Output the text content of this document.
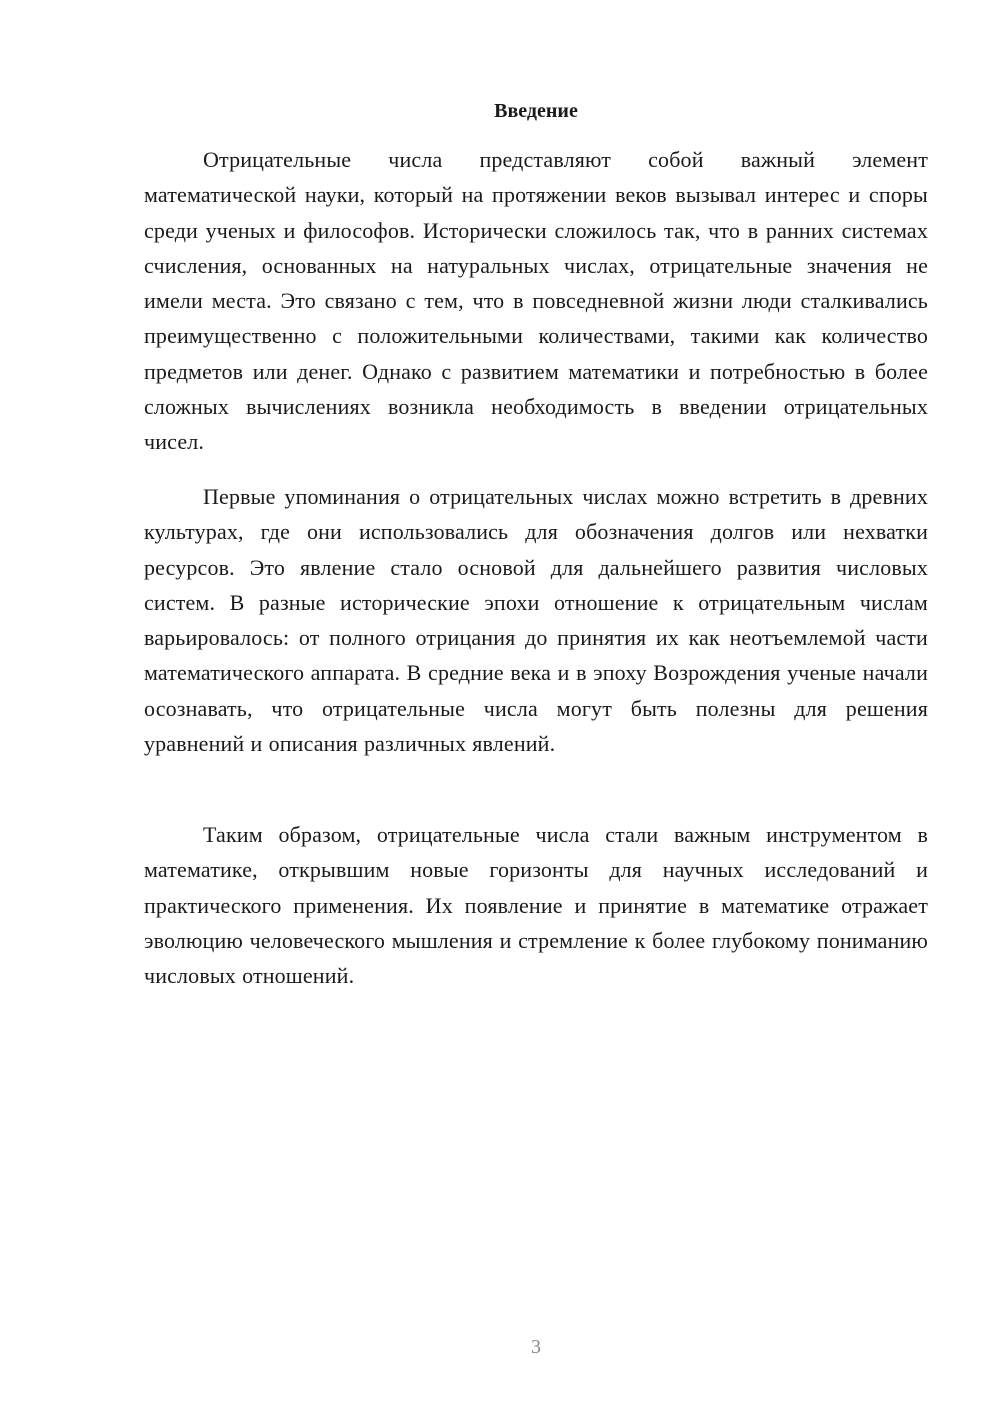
Введение

Отрицательные числа представляют собой важный элемент математической науки, который на протяжении веков вызывал интерес и споры среди ученых и философов. Исторически сложилось так, что в ранних системах счисления, основанных на натуральных числах, отрицательные значения не имели места. Это связано с тем, что в повседневной жизни люди сталкивались преимущественно с положительными количествами, такими как количество предметов или денег. Однако с развитием математики и потребностью в более сложных вычислениях возникла необходимость в введении отрицательных чисел.

Первые упоминания о отрицательных числах можно встретить в древних культурах, где они использовались для обозначения долгов или нехватки ресурсов. Это явление стало основой для дальнейшего развития числовых систем. В разные исторические эпохи отношение к отрицательным числам варьировалось: от полного отрицания до принятия их как неотъемлемой части математического аппарата. В средние века и в эпоху Возрождения ученые начали осознавать, что отрицательные числа могут быть полезны для решения уравнений и описания различных явлений.

Таким образом, отрицательные числа стали важным инструментом в математике, открывшим новые горизонты для научных исследований и практического применения. Их появление и принятие в математике отражает эволюцию человеческого мышления и стремление к более глубокому пониманию числовых отношений.

3
